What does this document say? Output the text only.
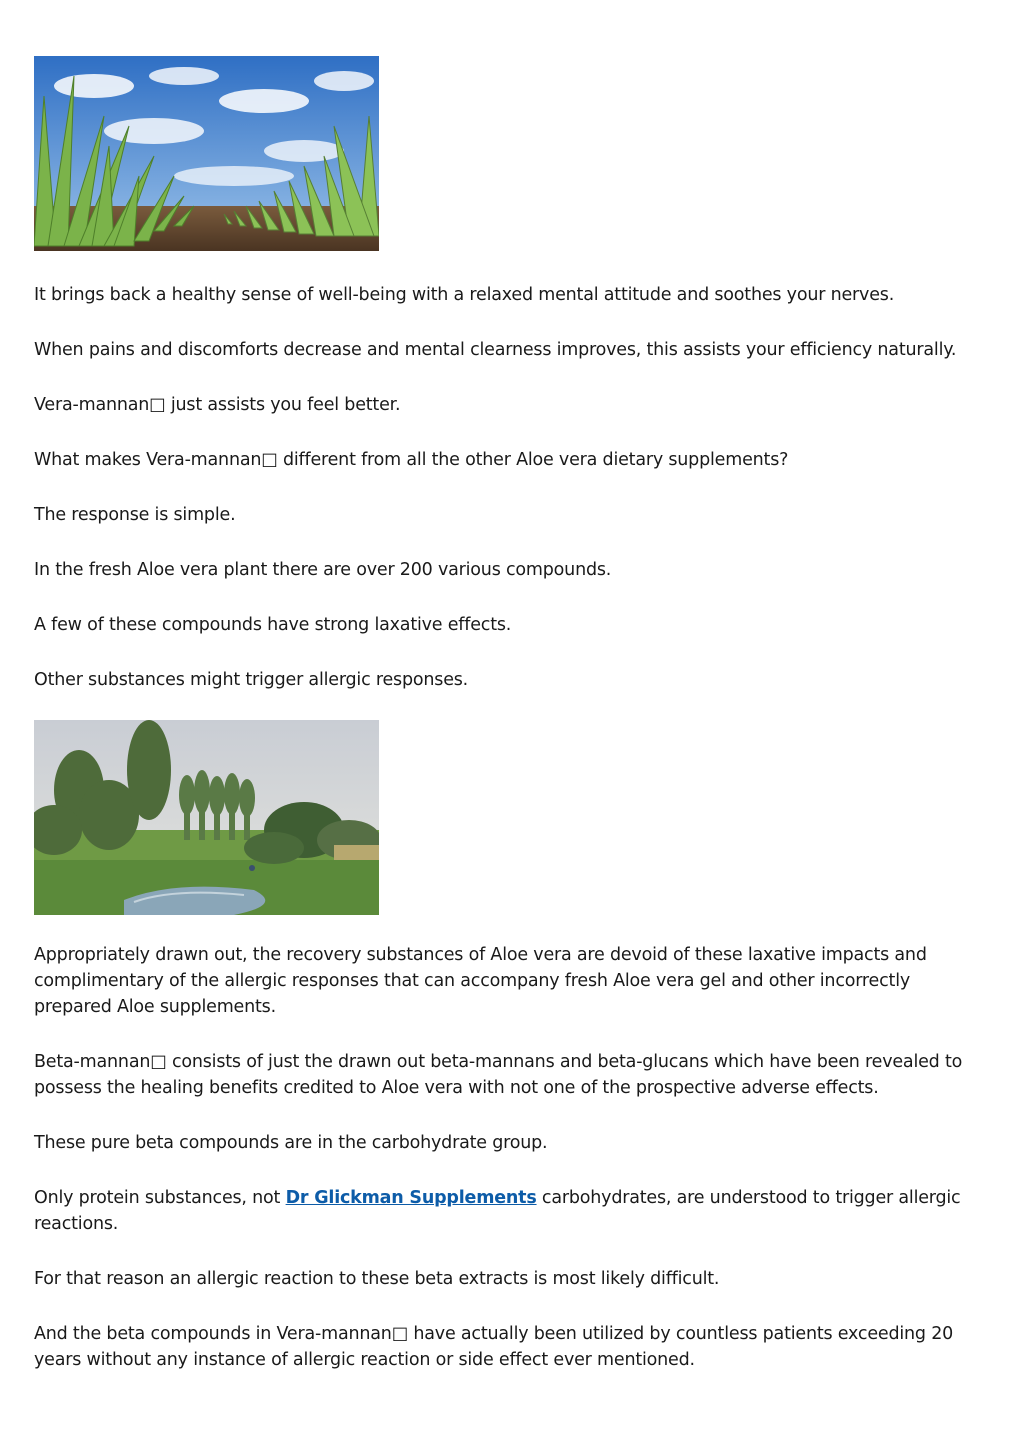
It brings back a healthy sense of well-being with a relaxed mental attitude and soothes your nerves.

When pains and discomforts decrease and mental clearness improves, this assists your efficiency naturally.

Vera-mannan□ just assists you feel better.

What makes Vera-mannan□ different from all the other Aloe vera dietary supplements?

The response is simple.

In the fresh Aloe vera plant there are over 200 various compounds.

A few of these compounds have strong laxative effects.

Other substances might trigger allergic responses.

Appropriately drawn out, the recovery substances of Aloe vera are devoid of these laxative impacts and complimentary of the allergic responses that can accompany fresh Aloe vera gel and other incorrectly prepared Aloe supplements.

Beta-mannan□ consists of just the drawn out beta-mannans and beta-glucans which have been revealed to possess the healing benefits credited to Aloe vera with not one of the prospective adverse effects.

These pure beta compounds are in the carbohydrate group.

Only protein substances, not Dr Glickman Supplements carbohydrates, are understood to trigger allergic reactions.

For that reason an allergic reaction to these beta extracts is most likely difficult.

And the beta compounds in Vera-mannan□ have actually been utilized by countless patients exceeding 20 years without any instance of allergic reaction or side effect ever mentioned.
